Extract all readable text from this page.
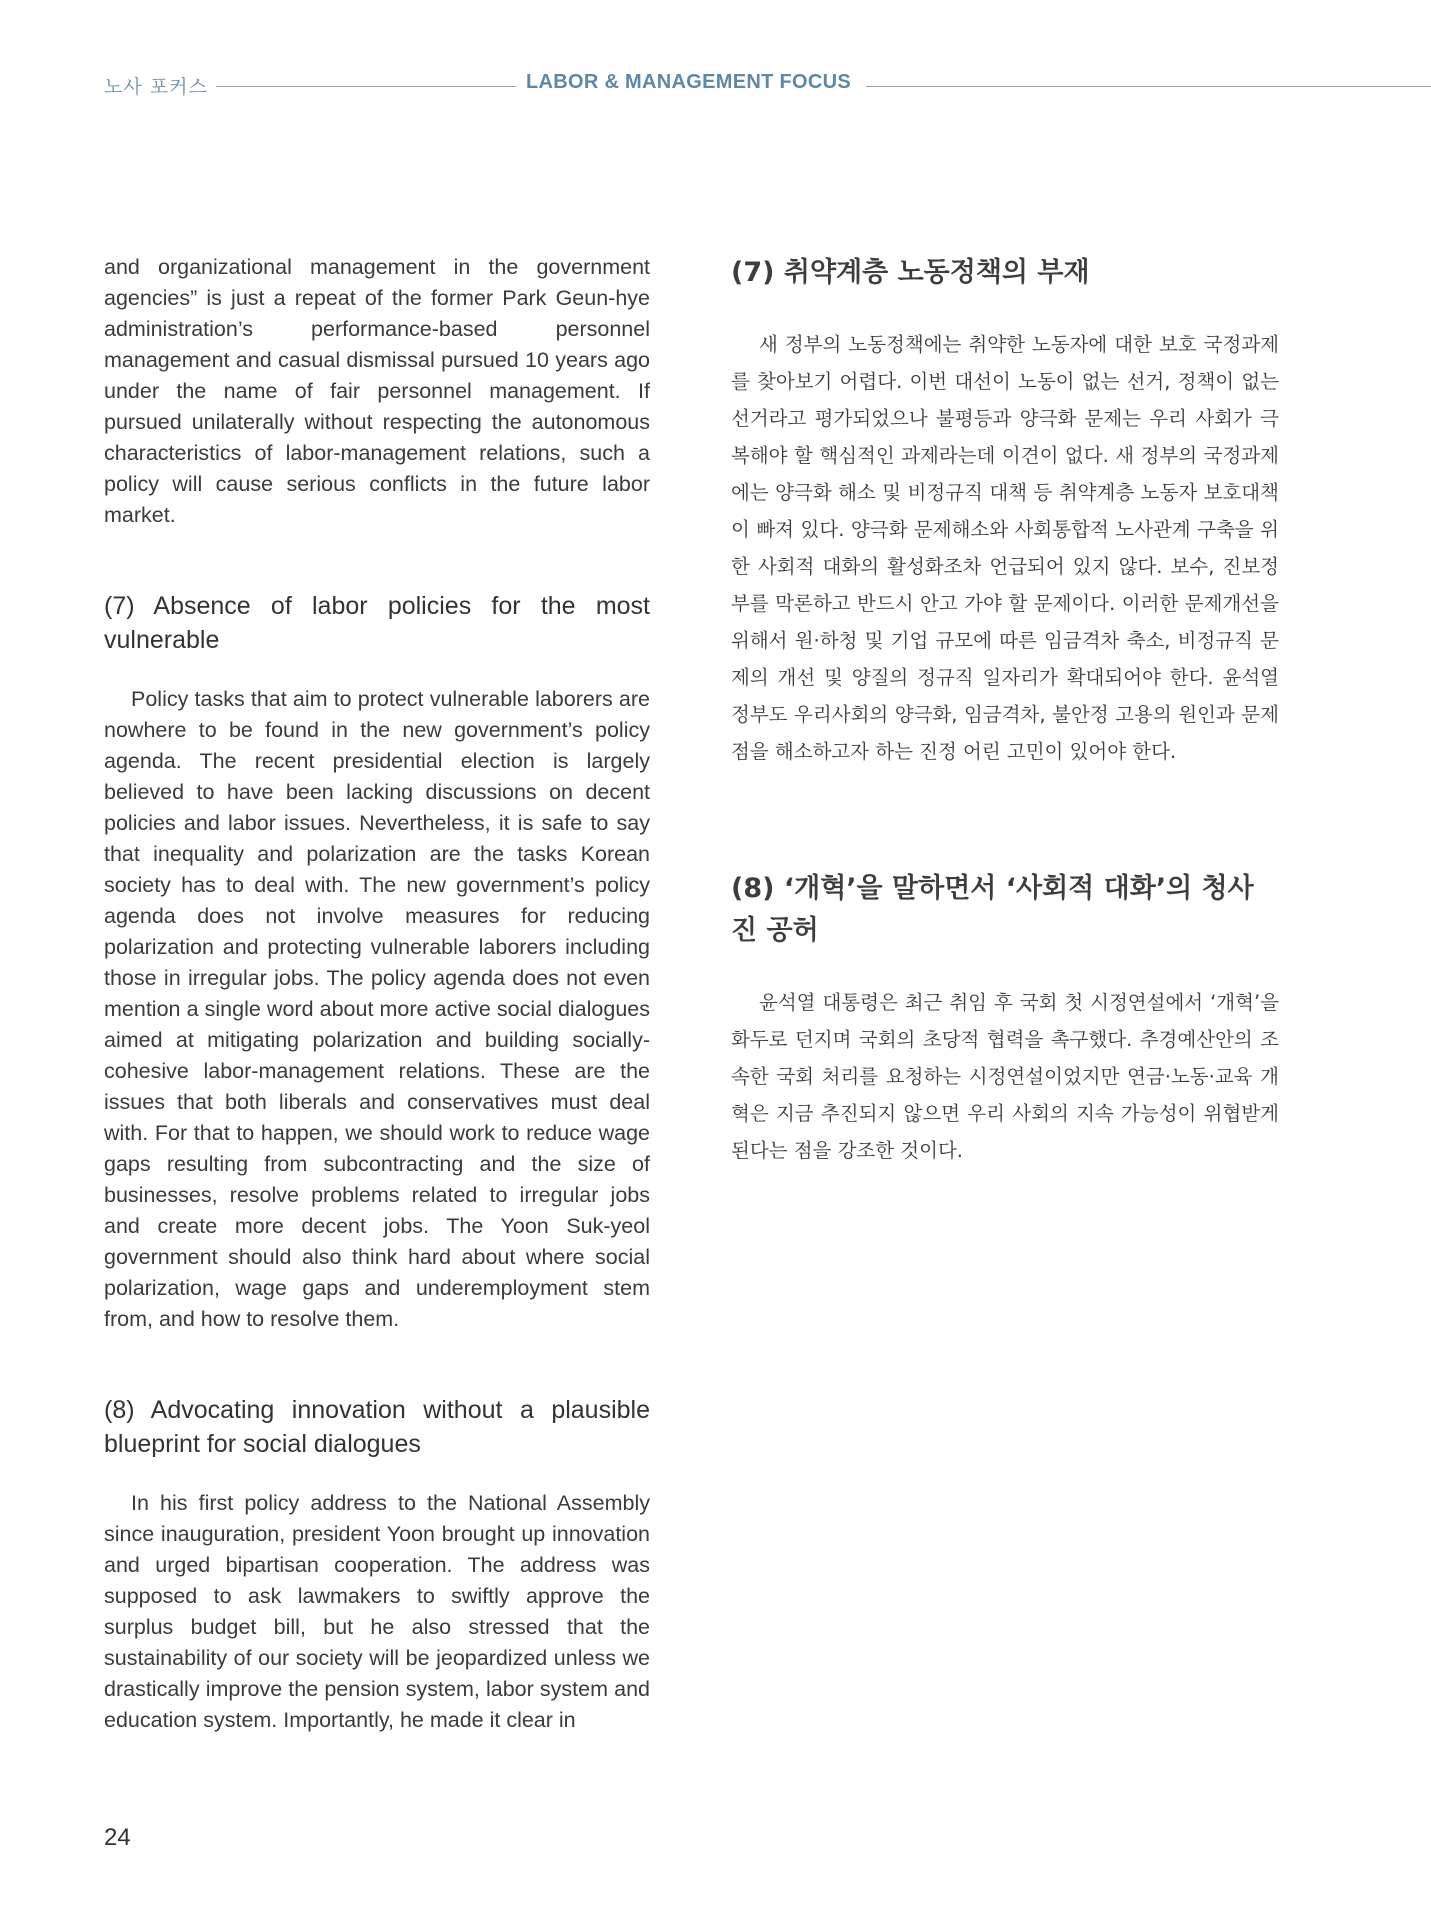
노사 포커스	LABOR & MANAGEMENT FOCUS

and organizational management in the government agencies” is just a repeat of the former Park Geun-hye administration’s performance-based personnel management and casual dismissal pursued 10 years ago under the name of fair personnel management. If pursued unilaterally without respecting the autonomous characteristics of labor-management relations, such a policy will cause serious conflicts in the future labor market.

(7) Absence of labor policies for the most vulnerable

Policy tasks that aim to protect vulnerable laborers are nowhere to be found in the new government’s policy agenda. The recent presidential election is largely believed to have been lacking discussions on decent policies and labor issues. Nevertheless, it is safe to say that inequality and polarization are the tasks Korean society has to deal with. The new government’s policy agenda does not involve measures for reducing polarization and protecting vulnerable laborers including those in irregular jobs. The policy agenda does not even mention a single word about more active social dialogues aimed at mitigating polarization and building socially-cohesive labor-management relations. These are the issues that both liberals and conservatives must deal with. For that to happen, we should work to reduce wage gaps resulting from subcontracting and the size of businesses, resolve problems related to irregular jobs and create more decent jobs. The Yoon Suk-yeol government should also think hard about where social polarization, wage gaps and underemployment stem from, and how to resolve them.

(8) Advocating innovation without a plausible blueprint for social dialogues

In his first policy address to the National Assembly since inauguration, president Yoon brought up innovation and urged bipartisan cooperation. The address was supposed to ask lawmakers to swiftly approve the surplus budget bill, but he also stressed that the sustainability of our society will be jeopardized unless we drastically improve the pension system, labor system and education system. Importantly, he made it clear in

(7) 취약계층 노동정책의 부재

새 정부의 노동정책에는 취약한 노동자에 대한 보호 국정과제를 찾아보기 어렵다. 이번 대선이 노동이 없는 선거, 정책이 없는 선거라고 평가되었으나 불평등과 양극화 문제는 우리 사회가 극복해야 할 핵심적인 과제라는데 이견이 없다. 새 정부의 국정과제에는 양극화 해소 및 비정규직 대책 등 취약계층 노동자 보호대책이 빠져 있다. 양극화 문제해소와 사회통합적 노사관계 구축을 위한 사회적 대화의 활성화조차 언급되어 있지 않다. 보수, 진보정부를 막론하고 반드시 안고 가야 할 문제이다. 이러한 문제개선을 위해서 원·하청 및 기업 규모에 따른 임금격차 축소, 비정규직 문제의 개선 및 양질의 정규직 일자리가 확대되어야 한다. 윤석열 정부도 우리사회의 양극화, 임금격차, 불안정 고용의 원인과 문제점을 해소하고자 하는 진정 어린 고민이 있어야 한다.

(8) ‘개혁’을 말하면서 ‘사회적 대화’의 청사진 공허

윤석열 대통령은 최근 취임 후 국회 첫 시정연설에서 ‘개혁’을 화두로 던지며 국회의 초당적 협력을 촉구했다. 추경예산안의 조속한 국회 처리를 요청하는 시정연설이었지만 연금·노동·교육 개혁은 지금 추진되지 않으면 우리 사회의 지속 가능성이 위협받게 된다는 점을 강조한 것이다.

24
